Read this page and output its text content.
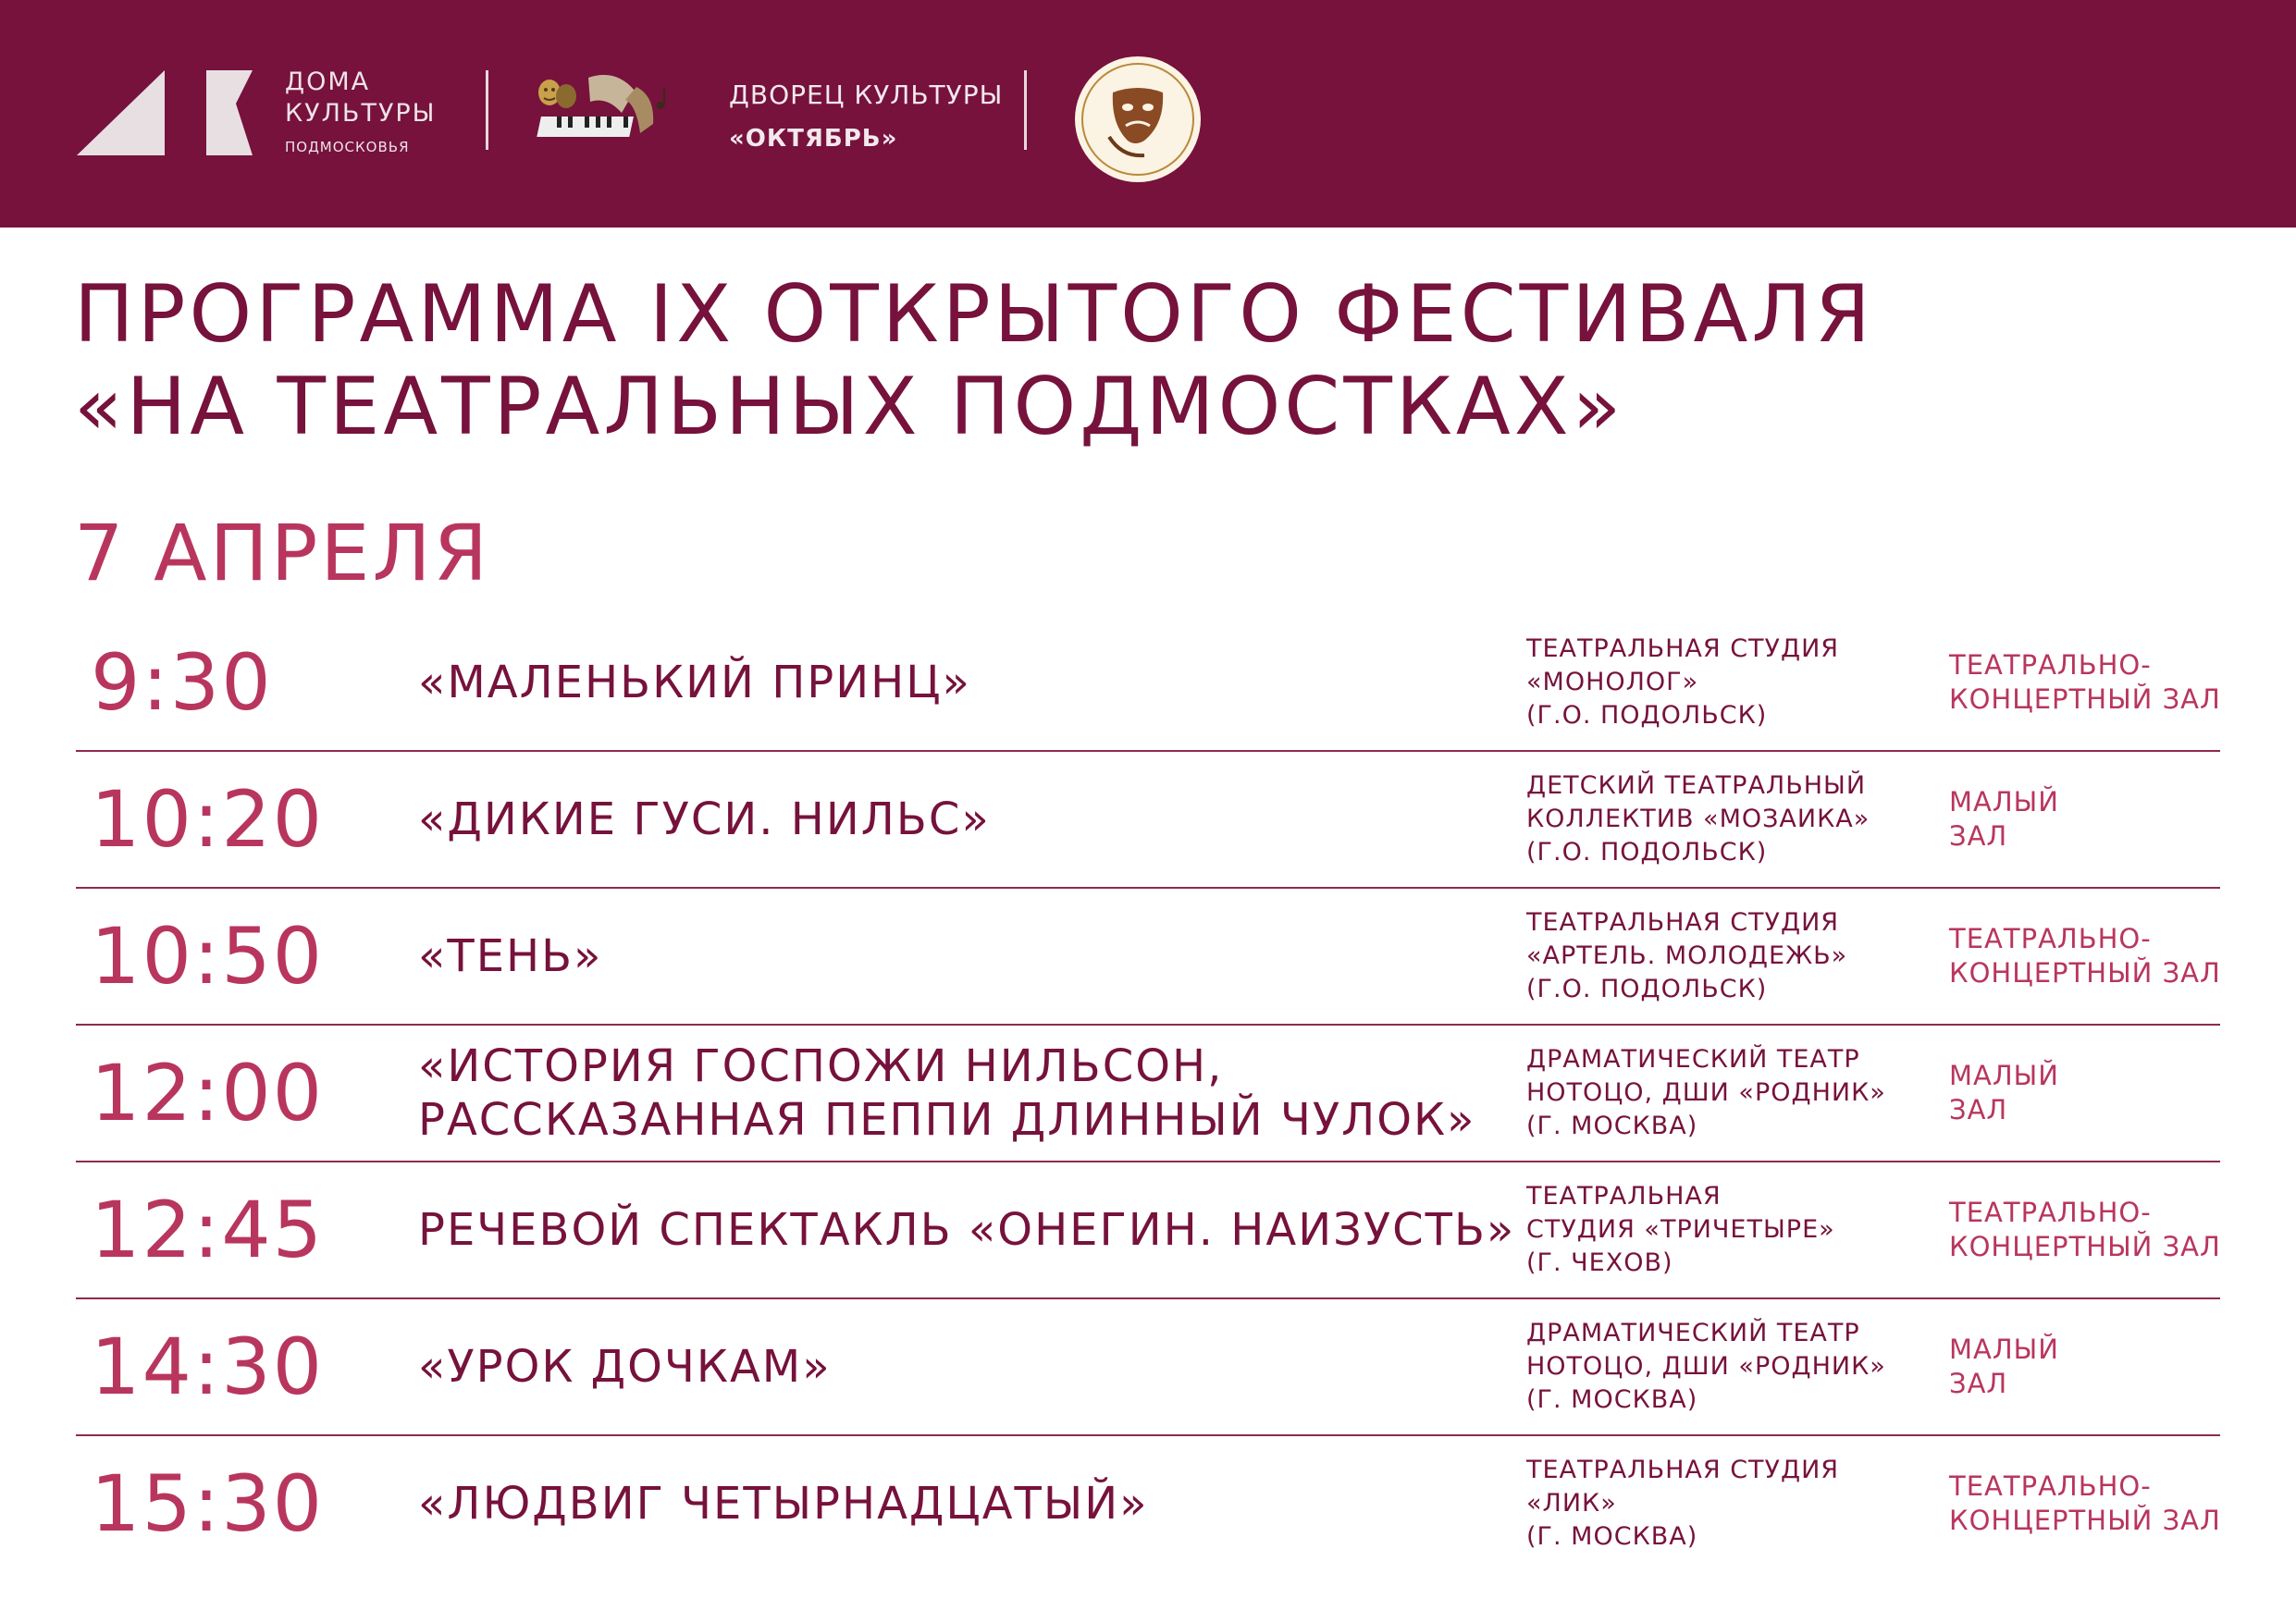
ДОМА
КУЛЬТУРЫ
ПОДМОСКОВЬЯ
ДВОРЕЦ КУЛЬТУРЫ
«ОКТЯБРЬ»
ПРОГРАММА IX ОТКРЫТОГО ФЕСТИВАЛЯ
«НА ТЕАТРАЛЬНЫХ ПОДМОСТКАХ»
7 АПРЕЛЯ
9:30	«МАЛЕНЬКИЙ ПРИНЦ»
ТЕАТРАЛЬНАЯ СТУДИЯ
«МОНОЛОГ»
(Г.О. ПОДОЛЬСК)
ТЕАТРАЛЬНО-
КОНЦЕРТНЫЙ ЗАЛ
10:20 «ДИКИЕ ГУСИ. НИЛЬС»
ДЕТСКИЙ ТЕАТРАЛЬНЫЙ
КОЛЛЕКТИВ «МОЗАИКА»
(Г.О. ПОДОЛЬСК)
МАЛЫЙ
ЗАЛ
10:50 «ТЕНЬ»
ТЕАТРАЛЬНАЯ СТУДИЯ
«АРТЕЛЬ. МОЛОДЕЖЬ»
(Г.О. ПОДОЛЬСК)
ТЕАТРАЛЬНО-
КОНЦЕРТНЫЙ ЗАЛ
12:00 «ИСТОРИЯ ГОСПОЖИ НИЛЬСОН,
РАССКАЗАННАЯ ПЕППИ ДЛИННЫЙ ЧУЛОК»
ДРАМАТИЧЕСКИЙ ТЕАТР
НОТОЦО, ДШИ «РОДНИК»
(Г. МОСКВА)
МАЛЫЙ
ЗАЛ
12:45 РЕЧЕВОЙ СПЕКТАКЛЬ «ОНЕГИН. НАИЗУСТЬ»
ТЕАТРАЛЬНАЯ
СТУДИЯ «ТРИЧЕТЫРЕ»
(Г. ЧЕХОВ)
ТЕАТРАЛЬНО-
КОНЦЕРТНЫЙ ЗАЛ
14:30 «УРОК ДОЧКАМ»
ДРАМАТИЧЕСКИЙ ТЕАТР
НОТОЦО, ДШИ «РОДНИК»
(Г. МОСКВА)
МАЛЫЙ
ЗАЛ
15:30 «ЛЮДВИГ ЧЕТЫРНАДЦАТЫЙ»
ТЕАТРАЛЬНАЯ СТУДИЯ
«ЛИК»
(Г. МОСКВА)
ТЕАТРАЛЬНО-
КОНЦЕРТНЫЙ ЗАЛ
